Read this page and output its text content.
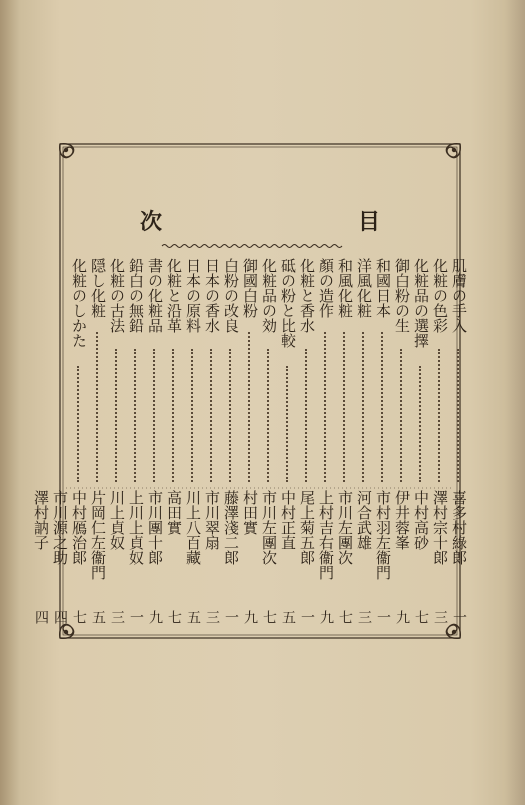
次	目
肌膚の手入
喜多村綠郞
一
化粧の色彩
澤村宗十郞
三
化粧品の選擇
中村高砂
七
御白粉の生
伊井蓉峯
九
和國日本
市村羽左衞門
一
洋風化粧
河合武雄
三
和風化粧
市川左團次
七
顏の造作
上村吉右衞門
九
化粧と香水
尾上菊五郞
一
砥の粉と比較
中村正直
五
化粧品の効
市川左團次
七
御國白粉
村田實
九
白粉の改良
藤澤淺二郞
一
日本の香水
市川翠扇
三
日本の原料
川上八百藏
五
化粧と沿革
高田實
七
書の化粧品
市川團十郞
九
鉛白の無鉛
上川上貞奴
一
化粧の古法
川上貞奴
三
隠し化粧
片岡仁左衞門
五
化粧のしかた
中村鴈治郞
七
市川源之助
四
澤村訥子
四
